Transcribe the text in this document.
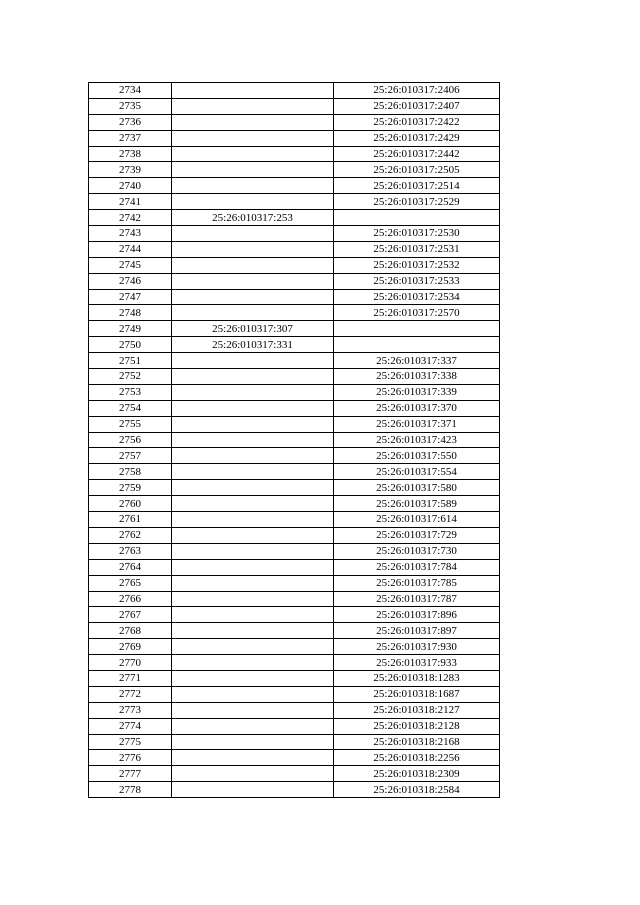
2734		25:26:010317:2406
2735		25:26:010317:2407
2736		25:26:010317:2422
2737		25:26:010317:2429
2738		25:26:010317:2442
2739		25:26:010317:2505
2740		25:26:010317:2514
2741		25:26:010317:2529
2742	25:26:010317:253	
2743		25:26:010317:2530
2744		25:26:010317:2531
2745		25:26:010317:2532
2746		25:26:010317:2533
2747		25:26:010317:2534
2748		25:26:010317:2570
2749	25:26:010317:307	
2750	25:26:010317:331	
2751		25:26:010317:337
2752		25:26:010317:338
2753		25:26:010317:339
2754		25:26:010317:370
2755		25:26:010317:371
2756		25:26:010317:423
2757		25:26:010317:550
2758		25:26:010317:554
2759		25:26:010317:580
2760		25:26:010317:589
2761		25:26:010317:614
2762		25:26:010317:729
2763		25:26:010317:730
2764		25:26:010317:784
2765		25:26:010317:785
2766		25:26:010317:787
2767		25:26:010317:896
2768		25:26:010317:897
2769		25:26:010317:930
2770		25:26:010317:933
2771		25:26:010318:1283
2772		25:26:010318:1687
2773		25:26:010318:2127
2774		25:26:010318:2128
2775		25:26:010318:2168
2776		25:26:010318:2256
2777		25:26:010318:2309
2778		25:26:010318:2584
